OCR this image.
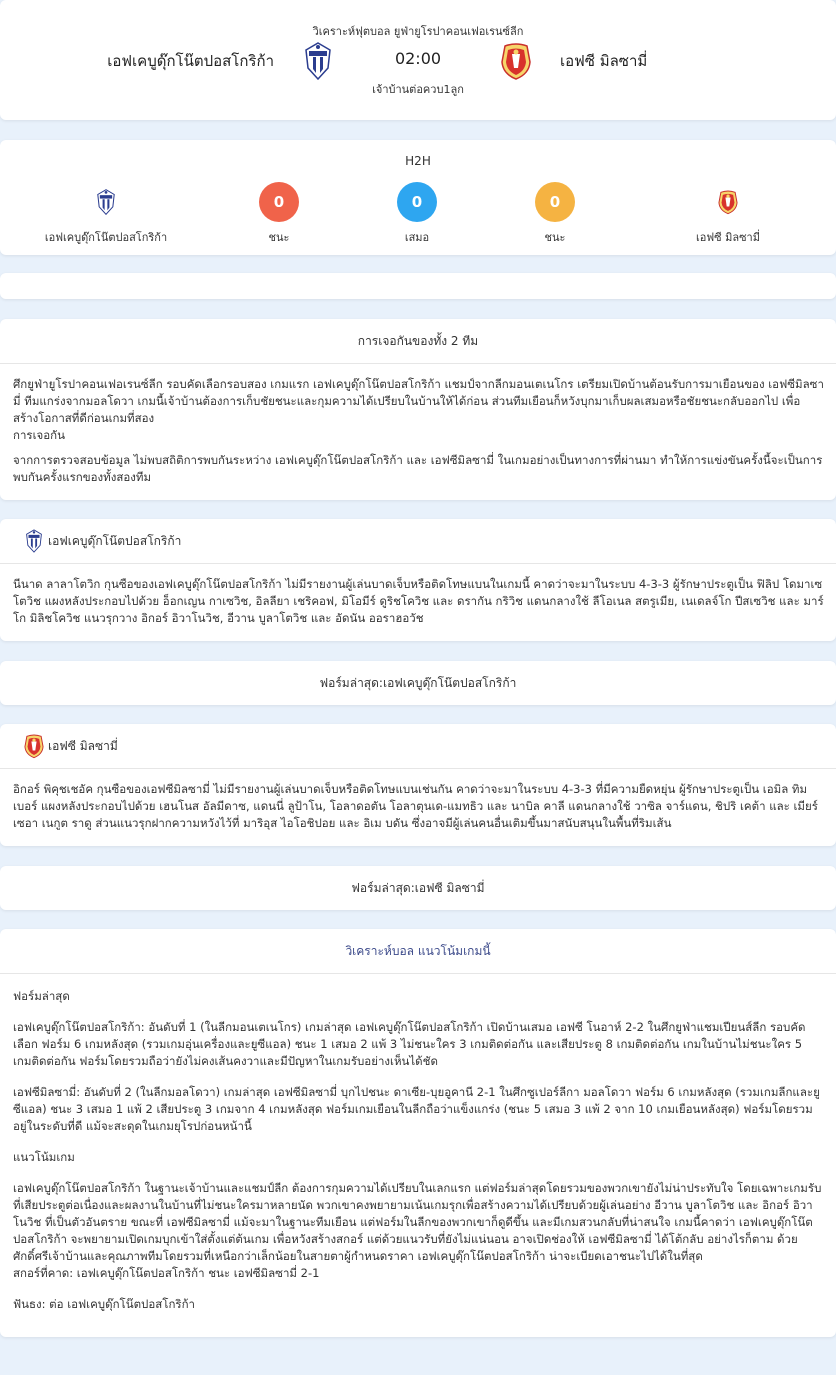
วิเคราะห์ฟุตบอล ยูฟ่ายูโรปาคอนเฟอเรนซ์ลีก
เอฟเคบูดุ๊กโน๊ตปอสโกริก้า	02:00	เอฟซี มิลซามี่
เจ้าบ้านต่อควบ1ลูก
H2H
เอฟเคบูดุ๊กโน๊ตปอสโกริก้า
0
ชนะ
0
เสมอ
0
ชนะ	เอฟซี มิลซามี่
การเจอกันของทั้ง 2 ทีม

ศึกยูฟ่ายูโรปาคอนเฟอเรนซ์ลีก รอบคัดเลือกรอบสอง เกมแรก เอฟเคบูดุ๊กโน๊ตปอสโกริก้า แชมป์จากลีกมอนเตเนโกร เตรียมเปิดบ้านต้อนรับการมาเยือนของ เอฟซีมิลซามี่ ทีมแกร่งจากมอลโดวา เกมนี้เจ้าบ้านต้องการเก็บชัยชนะและกุมความได้เปรียบในบ้านให้ได้ก่อน ส่วนทีมเยือนก็หวังบุกมาเก็บผลเสมอหรือชัยชนะกลับออกไป เพื่อสร้างโอกาสที่ดีก่อนเกมที่สอง

การเจอกัน

จากการตรวจสอบข้อมูล ไม่พบสถิติการพบกันระหว่าง เอฟเคบูดุ๊กโน๊ตปอสโกริก้า และ เอฟซีมิลซามี่ ในเกมอย่างเป็นทางการที่ผ่านมา ทำให้การแข่งขันครั้งนี้จะเป็นการพบกันครั้งแรกของทั้งสองทีม

เอฟเคบูดุ๊กโน๊ตปอสโกริก้า

นีนาด ลาลาโตวิก กุนซือของเอฟเคบูดุ๊กโน๊ตปอสโกริก้า ไม่มีรายงานผู้เล่นบาดเจ็บหรือติดโทษแบนในเกมนี้ คาดว่าจะมาในระบบ 4-3-3 ผู้รักษาประตูเป็น ฟิลิป โดมาเซโตวิช แผงหลังประกอบไปด้วย อ็อกเญน กาเซวิช, อิลลียา เชริคอฟ, มิโอมีร์ ดูริชโควิช และ ดรากัน กริวิช แดนกลางใช้ ลีโอเนล สตรูเมีย, เนเดลจ์โก ปีสเซวิช และ มาร์โก มิลิชโควิช แนวรุกวาง อิกอร์ อิวาโนวิช, อีวาน บูลาโตวิช และ อัดนัน ออราฮอวัช

ฟอร์มล่าสุด:เอฟเคบูดุ๊กโน๊ตปอสโกริก้า
เอฟซี มิลซามี่

อิกอร์ พิคุชเชอัค กุนซือของเอฟซีมิลซามี่ ไม่มีรายงานผู้เล่นบาดเจ็บหรือติดโทษแบนเช่นกัน คาดว่าจะมาในระบบ 4-3-3 ที่มีความยืดหยุ่น ผู้รักษาประตูเป็น เอมิล ทิมเบอร์ แผงหลังประกอบไปด้วย เฮนโนส อัลมีดาซ, แดนนี่ ลูป้าโน, โอลาดอตัน โอลาตุนเด-แมทธิว และ นาบิล คาลี แดนกลางใช้ วาซิล จาร์แดน, ชิปริ เคต้า และ เมียร์เซอา เนกูต ราดู ส่วนแนวรุกฝากความหวังไว้ที่ มาริอุส ไอโอชิปอย และ อิเม บดัน ซึ่งอาจมีผู้เล่นคนอื่นเติมขึ้นมาสนับสนุนในพื้นที่ริมเส้น

ฟอร์มล่าสุด:เอฟซี มิลซามี่
วิเคราะห์บอล แนวโน้มเกมนี้

ฟอร์มล่าสุด

เอฟเคบูดุ๊กโน๊ตปอสโกริก้า: อันดับที่ 1 (ในลีกมอนเตเนโกร) เกมล่าสุด เอฟเคบูดุ๊กโน๊ตปอสโกริก้า เปิดบ้านเสมอ เอฟซี โนอาห์ 2-2 ในศึกยูฟ่าแชมเปียนส์ลีก รอบคัดเลือก ฟอร์ม 6 เกมหลังสุด (รวมเกมอุ่นเครื่องและยูซีแอล) ชนะ 1 เสมอ 2 แพ้ 3 ไม่ชนะใคร 3 เกมติดต่อกัน และเสียประตู 8 เกมติดต่อกัน เกมในบ้านไม่ชนะใคร 5 เกมติดต่อกัน ฟอร์มโดยรวมถือว่ายังไม่คงเส้นคงวาและมีปัญหาในเกมรับอย่างเห็นได้ชัด

เอฟซีมิลซามี่: อันดับที่ 2 (ในลีกมอลโดวา) เกมล่าสุด เอฟซีมิลซามี่ บุกไปชนะ ดาเซีย-บุยอูคานี 2-1 ในศึกซูเปอร์ลีกา มอลโดวา ฟอร์ม 6 เกมหลังสุด (รวมเกมลีกและยูซีแอล) ชนะ 3 เสมอ 1 แพ้ 2 เสียประตู 3 เกมจาก 4 เกมหลังสุด ฟอร์มเกมเยือนในลีกถือว่าแข็งแกร่ง (ชนะ 5 เสมอ 3 แพ้ 2 จาก 10 เกมเยือนหลังสุด) ฟอร์มโดยรวมอยู่ในระดับที่ดี แม้จะสะดุดในเกมยุโรปก่อนหน้านี้

แนวโน้มเกม

เอฟเคบูดุ๊กโน๊ตปอสโกริก้า ในฐานะเจ้าบ้านและแชมป์ลีก ต้องการกุมความได้เปรียบในเลกแรก แต่ฟอร์มล่าสุดโดยรวมของพวกเขายังไม่น่าประทับใจ โดยเฉพาะเกมรับที่เสียประตูต่อเนื่องและผลงานในบ้านที่ไม่ชนะใครมาหลายนัด พวกเขาคงพยายามเน้นเกมรุกเพื่อสร้างความได้เปรียบด้วยผู้เล่นอย่าง อีวาน บูลาโตวิช และ อิกอร์ อิวาโนวิช ที่เป็นตัวอันตราย ขณะที่ เอฟซีมิลซามี่ แม้จะมาในฐานะทีมเยือน แต่ฟอร์มในลีกของพวกเขาก็ดูดีขึ้น และมีเกมสวนกลับที่น่าสนใจ เกมนี้คาดว่า เอฟเคบูดุ๊กโน๊ตปอสโกริก้า จะพยายามเปิดเกมบุกเข้าใส่ตั้งแต่ต้นเกม เพื่อหวังสร้างสกอร์ แต่ด้วยแนวรับที่ยังไม่แน่นอน อาจเปิดช่องให้ เอฟซีมิลซามี่ ได้โต้กลับ อย่างไรก็ตาม ด้วยศักดิ์ศรีเจ้าบ้านและคุณภาพทีมโดยรวมที่เหนือกว่าเล็กน้อยในสายตาผู้กำหนดราคา เอฟเคบูดุ๊กโน๊ตปอสโกริก้า น่าจะเบียดเอาชนะไปได้ในที่สุด

สกอร์ที่คาด: เอฟเคบูดุ๊กโน๊ตปอสโกริก้า ชนะ เอฟซีมิลซามี่ 2-1

ฟันธง: ต่อ เอฟเคบูดุ๊กโน๊ตปอสโกริก้า
